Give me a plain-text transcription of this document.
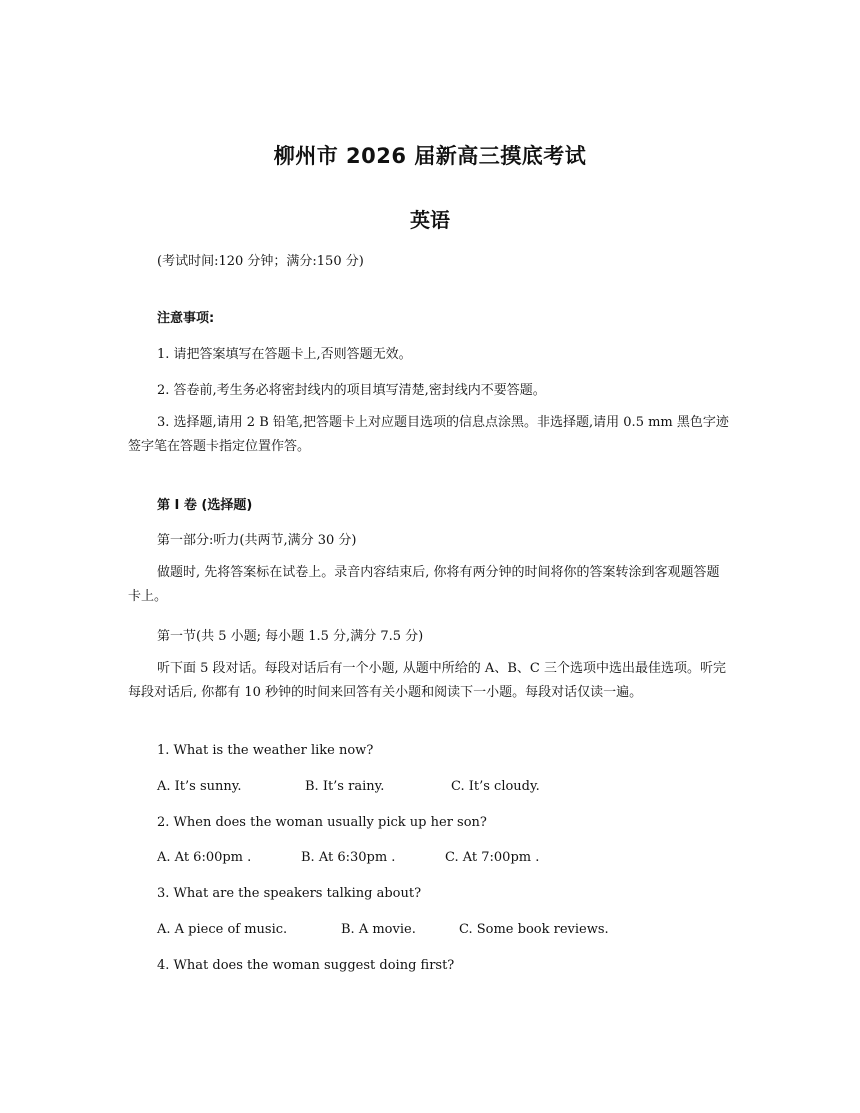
柳州市 2026 届新高三摸底考试
英语
(考试时间:120 分钟；满分:150 分)
注意事项:
1. 请把答案填写在答题卡上,否则答题无效。
2. 答卷前,考生务必将密封线内的项目填写清楚,密封线内不要答题。
3. 选择题,请用 2 B 铅笔,把答题卡上对应题目选项的信息点涂黑。非选择题,请用 0.5 mm 黑色字迹签字笔在答题卡指定位置作答。
第 I 卷 (选择题)
第一部分:听力(共两节,满分 30 分)
做题时, 先将答案标在试卷上。录音内容结束后, 你将有两分钟的时间将你的答案转涂到客观题答题卡上。
第一节(共 5 小题; 每小题 1.5 分,满分 7.5 分)
听下面 5 段对话。每段对话后有一个小题, 从题中所给的 A、B、C 三个选项中选出最佳选项。听完每段对话后, 你都有 10 秒钟的时间来回答有关小题和阅读下一小题。每段对话仅读一遍。
1. What is the weather like now?
A. It’s sunny.	B. It’s rainy.	C. It’s cloudy.
2. When does the woman usually pick up her son?
A. At 6:00pm .	B. At 6:30pm .	C. At 7:00pm .
3. What are the speakers talking about?
A. A piece of music.	B. A movie.	C. Some book reviews.
4. What does the woman suggest doing first?
